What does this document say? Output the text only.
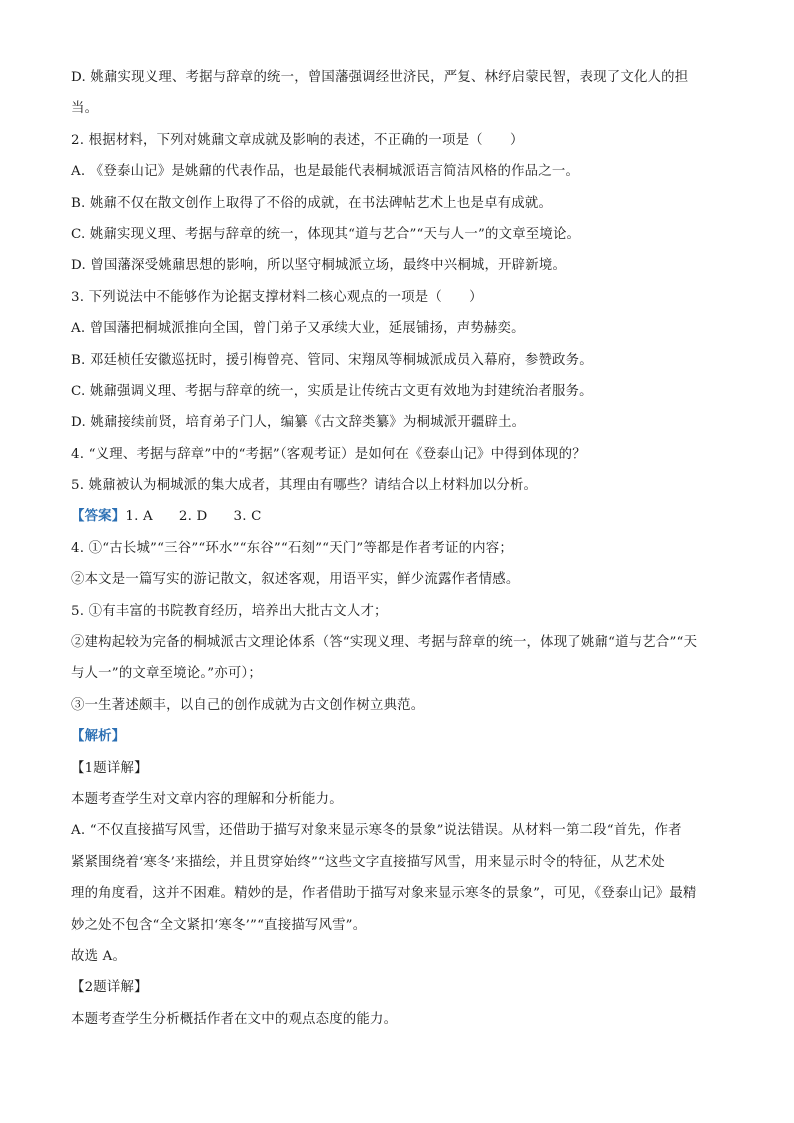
D. 姚鼐实现义理、考据与辞章的统一，曾国藩强调经世济民，严复、林纾启蒙民智，表现了文化人的担
当。
2. 根据材料，下列对姚鼐文章成就及影响的表述，不正确的一项是（　　）
A. 《登泰山记》是姚鼐的代表作品，也是最能代表桐城派语言简洁风格的作品之一。
B. 姚鼐不仅在散文创作上取得了不俗的成就，在书法碑帖艺术上也是卓有成就。
C. 姚鼐实现义理、考据与辞章的统一，体现其“道与艺合”“天与人一”的文章至境论。
D. 曾国藩深受姚鼐思想的影响，所以坚守桐城派立场，最终中兴桐城，开辟新境。
3. 下列说法中不能够作为论据支撑材料二核心观点的一项是（　　）
A. 曾国藩把桐城派推向全国，曾门弟子又承续大业，延展铺扬，声势赫奕。
B. 邓廷桢任安徽巡抚时，援引梅曾亮、管同、宋翔凤等桐城派成员入幕府，参赞政务。
C. 姚鼐强调义理、考据与辞章的统一，实质是让传统古文更有效地为封建统治者服务。
D. 姚鼐接续前贤，培育弟子门人，编纂《古文辞类纂》为桐城派开疆辟土。
4. “义理、考据与辞章”中的“考据”（客观考证）是如何在《登泰山记》中得到体现的？
5. 姚鼐被认为桐城派的集大成者，其理由有哪些？请结合以上材料加以分析。
【答案】1. A 2. D 3. C
4. ①“古长城”“三谷”“环水”“东谷”“石刻”“天门”等都是作者考证的内容；
②本文是一篇写实的游记散文，叙述客观，用语平实，鲜少流露作者情感。
5. ①有丰富的书院教育经历，培养出大批古文人才；
②建构起较为完备的桐城派古文理论体系（答“实现义理、考据与辞章的统一，体现了姚鼐“道与艺合”“天
与人一”的文章至境论。”亦可）；
③一生著述颇丰，以自己的创作成就为古文创作树立典范。
【解析】
【1题详解】
本题考查学生对文章内容的理解和分析能力。
A. “不仅直接描写风雪，还借助于描写对象来显示寒冬的景象”说法错误。从材料一第二段“首先，作者
紧紧围绕着‘寒冬’来描绘，并且贯穿始终”“这些文字直接描写风雪，用来显示时令的特征，从艺术处
理的角度看，这并不困难。精妙的是，作者借助于描写对象来显示寒冬的景象”，可见，《登泰山记》最精
妙之处不包含“全文紧扣‘寒冬’”“直接描写风雪”。
故选 A。
【2题详解】
本题考查学生分析概括作者在文中的观点态度的能力。
